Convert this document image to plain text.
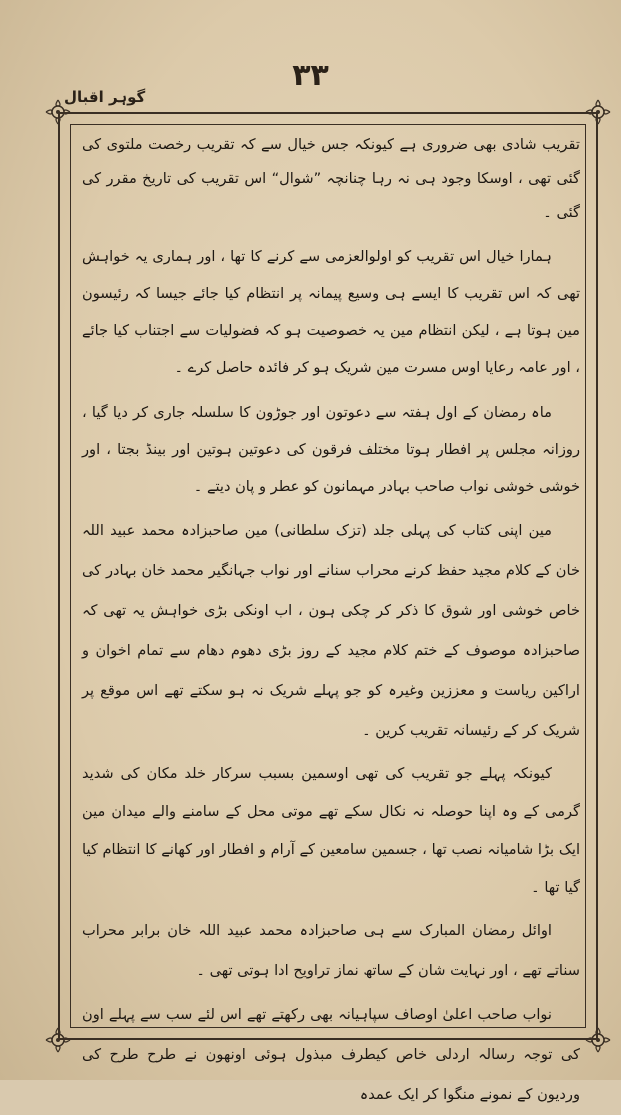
۳۳
گوہر اقبال

تقریب شادی بھی ضروری ہے کیونکہ جس خیال سے کہ تقریب رخصت ملتوی کی گئی تھی ، اوسکا وجود ہی نہ رہا چنانچہ ”شوال“ اس تقریب کی تاریخ مقرر کی گئی ۔

ہمارا خیال اس تقریب کو اولوالعزمی سے کرنے کا تھا ، اور ہماری یہ خواہش تھی کہ اس تقریب کا ایسے ہی وسیع پیمانہ پر انتظام کیا جائے جیسا کہ رئیسون مین ہوتا ہے ، لیکن انتظام مین یہ خصوصیت ہو کہ فضولیات سے اجتناب کیا جائے ، اور عامہ رعایا اوس مسرت مین شریک ہو کر فائدہ حاصل کرے ۔

ماہ رمضان کے اول ہفتہ سے دعوتون اور جوڑون کا سلسلہ جاری کر دیا گیا ، روزانہ مجلس پر افطار ہوتا مختلف فرقون کی دعوتین ہوتین اور بینڈ بجتا ، اور خوشی خوشی نواب صاحب بہادر مہمانون کو عطر و پان دیتے ۔

مین اپنی کتاب کی پہلی جلد (تزک سلطانی) مین صاحبزادہ محمد عبید اللہ خان کے کلام مجید حفظ کرنے محراب سنانے اور نواب جہانگیر محمد خان بہادر کی خاص خوشی اور شوق کا ذکر کر چکی ہون ، اب اونکی بڑی خواہش یہ تھی کہ صاحبزادہ موصوف کے ختم کلام مجید کے روز بڑی دھوم دھام سے تمام اخوان و اراکین ریاست و معززین وغیرہ کو جو پہلے شریک نہ ہو سکتے تھے اس موقع پر شریک کر کے رئیسانہ تقریب کرین ۔

کیونکہ پہلے جو تقریب کی تھی اوسمین بسبب سرکار خلد مکان کی شدید گرمی کے وہ اپنا حوصلہ نہ نکال سکے تھے موتی محل کے سامنے والے میدان مین ایک بڑا شامیانہ نصب تھا ، جسمین سامعین کے آرام و افطار اور کھانے کا انتظام کیا گیا تھا ۔

اوائل رمضان المبارک سے ہی صاحبزادہ محمد عبید اللہ خان برابر محراب سناتے تھے ، اور نہایت شان کے ساتھ نماز تراویح ادا ہوتی تھی ۔

نواب صاحب اعلیٰ اوصاف سپاہیانہ بھی رکھتے تھے اس لئے سب سے پہلے اون کی توجہ رسالہ اردلی خاص کیطرف مبذول ہوئی اونھون نے طرح طرح کی وردیون کے نمونے منگوا کر ایک عمدہ
